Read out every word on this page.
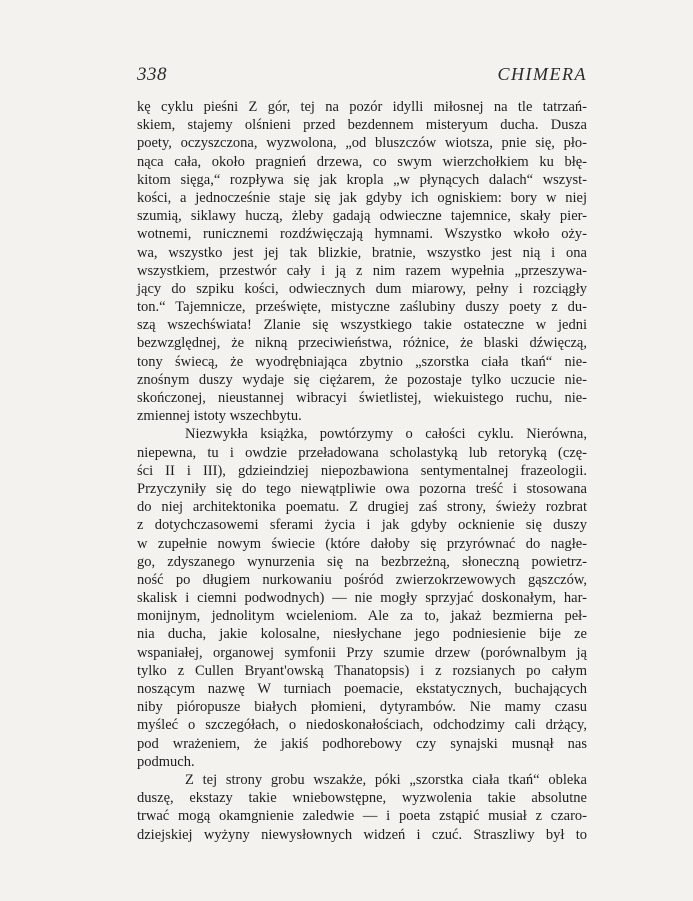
338	CHIMERA
kę cyklu pieśni Z gór, tej na pozór idylli miłosnej na tle tatrzań-
skiem, stajemy olśnieni przed bezdennem misteryum ducha. Dusza
poety, oczyszczona, wyzwolona, „od bluszczów wiotsza, pnie się, pło-
nąca cała, około pragnień drzewa, co swym wierzchołkiem ku błę-
kitom sięga,“ rozpływa się jak kropla „w płynących dalach“ wszyst-
kości, a jednocześnie staje się jak gdyby ich ogniskiem: bory w niej
szumią, siklawy huczą, żleby gadają odwieczne tajemnice, skały pier-
wotnemi, runicznemi rozdźwięczają hymnami. Wszystko wkoło oży-
wa, wszystko jest jej tak blizkie, bratnie, wszystko jest nią i ona
wszystkiem, przestwór cały i ją z nim razem wypełnia „przeszywa-
jący do szpiku kości, odwiecznych dum miarowy, pełny i rozciągły
ton.“ Tajemnicze, prześwięte, mistyczne zaślubiny duszy poety z du-
szą wszechświata! Zlanie się wszystkiego takie ostateczne w jedni
bezwzględnej, że nikną przeciwieństwa, różnice, że blaski dźwięczą,
tony świecą, że wyodrębniająca zbytnio „szorstka ciała tkań“ nie-
znośnym duszy wydaje się ciężarem, że pozostaje tylko uczucie nie-
skończonej, nieustannej wibracyi świetlistej, wiekuistego ruchu, nie-
zmiennej istoty wszechbytu.
Niezwykła książka, powtórzymy o całości cyklu. Nierówna,
niepewna, tu i owdzie przeładowana scholastyką lub retoryką (czę-
ści II i III), gdzieindziej niepozbawiona sentymentalnej frazeologii.
Przyczyniły się do tego niewątpliwie owa pozorna treść i stosowana
do niej architektonika poematu. Z drugiej zaś strony, świeży rozbrat
z dotychczasowemi sferami życia i jak gdyby ocknienie się duszy
w zupełnie nowym świecie (które dałoby się przyrównać do nagłe-
go, zdyszanego wynurzenia się na bezbrzeżną, słoneczną powietrz-
ność po długiem nurkowaniu pośród zwierzokrzewowych gąszczów,
skalisk i ciemni podwodnych) — nie mogły sprzyjać doskonałym, har-
monijnym, jednolitym wcieleniom. Ale za to, jakaż bezmierna peł-
nia ducha, jakie kolosalne, niesłychane jego podniesienie bije ze
wspaniałej, organowej symfonii Przy szumie drzew (porównalbym ją
tylko z Cullen Bryant'owską Thanatopsis) i z rozsianych po całym
noszącym nazwę W turniach poemacie, ekstatycznych, buchających
niby pióropusze białych płomieni, dytyrambów. Nie mamy czasu
myśleć o szczegółach, o niedoskonałościach, odchodzimy cali drżący,
pod wrażeniem, że jakiś podhorebowy czy synajski musnął nas
podmuch.
Z tej strony grobu wszakże, póki „szorstka ciała tkań“ obleka
duszę, ekstazy takie wniebowstępne, wyzwolenia takie absolutne
trwać mogą okamgnienie zaledwie — i poeta zstąpić musiał z czaro-
dziejskiej wyżyny niewysłownych widzeń i czuć. Straszliwy był to
